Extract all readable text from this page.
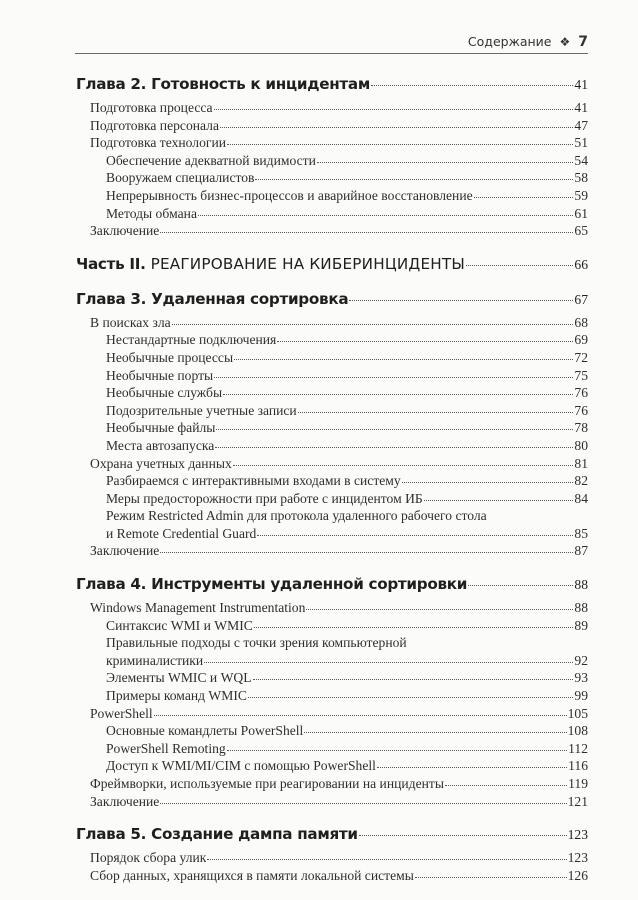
Содержание ❖ 7
Глава 2. Готовность к инцидентам	41
Подготовка процесса	41
Подготовка персонала	47
Подготовка технологии	51
Обеспечение адекватной видимости	54
Вооружаем специалистов	58
Непрерывность бизнес-процессов и аварийное восстановление	59
Методы обмана	61
Заключение	65
Часть II. РЕАГИРОВАНИЕ НА КИБЕРИНЦИДЕНТЫ	66
Глава 3. Удаленная сортировка	67
В поисках зла	68
Нестандартные подключения	69
Необычные процессы	72
Необычные порты	75
Необычные службы	76
Подозрительные учетные записи	76
Необычные файлы	78
Места автозапуска	80
Охрана учетных данных	81
Разбираемся с интерактивными входами в систему	82
Меры предосторожности при работе с инцидентом ИБ	84
Режим Restricted Admin для протокола удаленного рабочего стола
и Remote Credential Guard	85
Заключение	87
Глава 4. Инструменты удаленной сортировки	88
Windows Management Instrumentation	88
Синтаксис WMI и WMIC	89
Правильные подходы с точки зрения компьютерной
криминалистики	92
Элементы WMIC и WQL	93
Примеры команд WMIC	99
PowerShell	105
Основные командлеты PowerShell	108
PowerShell Remoting	112
Доступ к WMI/MI/CIM с помощью PowerShell	116
Фреймворки, используемые при реагировании на инциденты	119
Заключение	121
Глава 5. Создание дампа памяти	123
Порядок сбора улик	123
Сбор данных, хранящихся в памяти локальной системы	126
